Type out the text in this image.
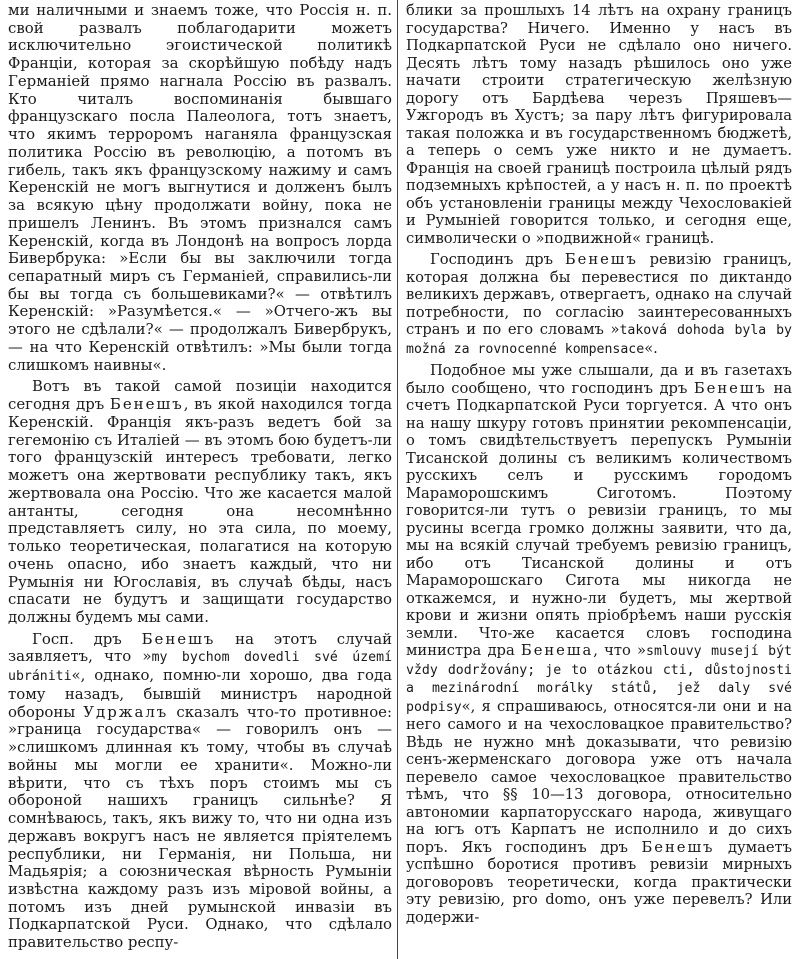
ми наличными и знаемъ тоже, что Россія н. п. свой развалъ поблагодарити можетъ исключительно эгоистической политикѣ Франціи, которая за скорѣйшую побѣду надъ Германіей прямо нагнала Россію въ развалъ. Кто читалъ воспоминанія бывшаго французскаго посла Палеолога, тотъ знаетъ, что якимъ терроромъ наганяла французская политика Россію въ революцію, а потомъ въ гибель, такъ якъ французскому нажиму и самъ Керенскій не могъ выгнутися и долженъ былъ за всякую цѣну продолжати войну, пока не пришелъ Ленинъ. Въ этомъ признался самъ Керенскій, когда въ Лондонѣ на вопросъ лорда Бивербрука: »Если бы вы заключили тогда сепаратный миръ съ Германіей, справились-ли бы вы тогда съ большевиками?« — отвѣтилъ Керенскій: »Разумѣется.« — »Отчего-жъ вы этого не сдѣлали?« — продолжалъ Бивербрукъ, — на что Керенскій отвѣтилъ: »Мы были тогда слишкомъ наивны«.

Вотъ въ такой самой позиціи находится сегодня дръ Бенешъ, въ якой находился тогда Керенскій. Франція якъ-разъ ведетъ бой за гегемонію съ Италіей — въ этомъ бою будетъ-ли того французскій интересъ требовати, легко можетъ она жертвовати республику такъ, якъ жертвовала она Россію. Что же касается малой антанты, сегодня она несомнѣнно представляетъ силу, но эта сила, по моему, только теоретическая, полагатися на которую очень опасно, ибо знаетъ каждый, что ни Румынія ни Югославія, въ случаѣ бѣды, насъ спасати не будутъ и защищати государство должны будемъ мы сами.

Госп. дръ Бенешъ на этотъ случай заявляетъ, что »my bychom dovedli své území ubrániti«, однако, помню-ли хорошо, два года тому назадъ, бывшій министръ народной обороны Удржалъ сказалъ что-то противное: »граница государства« — говорилъ онъ — »слишкомъ длинная къ тому, чтобы въ случаѣ войны мы могли ее хранити«. Можно-ли вѣрити, что съ тѣхъ поръ стоимъ мы съ обороной нашихъ границъ сильнѣе? Я сомнѣваюсь, такъ, якъ вижу то, что ни одна изъ державъ вокругъ насъ не является пріятелемъ республики, ни Германія, ни Польша, ни Мадьярія; а союзническая вѣрность Румыніи извѣстна каждому разъ изъ міровой войны, а потомъ изъ дней румынской инвазіи въ Подкарпатской Руси. Однако, что сдѣлало правительство респу-

блики за прошлыхъ 14 лѣтъ на охрану границъ государства? Ничего. Именно у насъ въ Подкарпатской Руси не сдѣлало оно ничего. Десять лѣтъ тому назадъ рѣшилось оно уже начати строити стратегическую желѣзную дорогу отъ Бардѣева черезъ Пряшевъ—Ужгородъ въ Хустъ; за пару лѣтъ фигурировала такая положка и въ государственномъ бюджетѣ, а теперь о семъ уже никто и не думаетъ. Франція на своей границѣ построила цѣлый рядъ подземныхъ крѣпостей, а у насъ н. п. по проектѣ объ установленіи границы между Чехословакіей и Румыніей говорится только, и сегодня еще, символически о »подвижной« границѣ.

Господинъ дръ Бенешъ ревизію границъ, которая должна бы перевестися по диктандо великихъ державъ, отвергаетъ, однако на случай потребности, по согласію заинтересованныхъ странъ и по его словамъ »taková dohoda byla by možná za rovnocenné kompensace«.

Подобное мы уже слышали, да и въ газетахъ было сообщено, что господинъ дръ Бенешъ на счетъ Подкарпатской Руси торгуется. А что онъ на нашу шкуру готовъ принятии рекомпенсаціи, о томъ свидѣтельствуетъ перепускъ Румыніи Тисанской долины съ великимъ количествомъ русскихъ селъ и русскимъ городомъ Мараморошскимъ Сиготомъ. Поэтому говорится-ли тутъ о ревизіи границъ, то мы русины всегда громко должны заявити, что да, мы на всякій случай требуемъ ревизію границъ, ибо отъ Тисанской долины и отъ Мараморошскаго Сигота мы никогда не откажемся, и нужно-ли будетъ, мы жертвой крови и жизни опять пріобрѣемъ наши русскія земли. Что-же касается словъ господина министра дра Бенеша, что »smlouvy musejí být vždy dodržovány; je to otázkou cti, důstojnosti a mezinárodní morálky států, jež daly své podpisy«, я спрашиваюсь, относятся-ли они и на него самого и на чехословацкое правительство? Вѣдь не нужно мнѣ доказывати, что ревизію сенъ-жерменскаго договора уже отъ начала перевело самое чехословацкое правительство тѣмъ, что §§ 10—13 договора, относительно автономии карпаторусскаго народа, живущаго на югъ отъ Карпатъ не исполнило и до сихъ поръ. Якъ господинъ дръ Бенешъ думаетъ успѣшно боротися противъ ревизіи мирныхъ договоровъ теоретически, когда практически эту ревизію, pro domo, онъ уже перевелъ? Или додержи-
